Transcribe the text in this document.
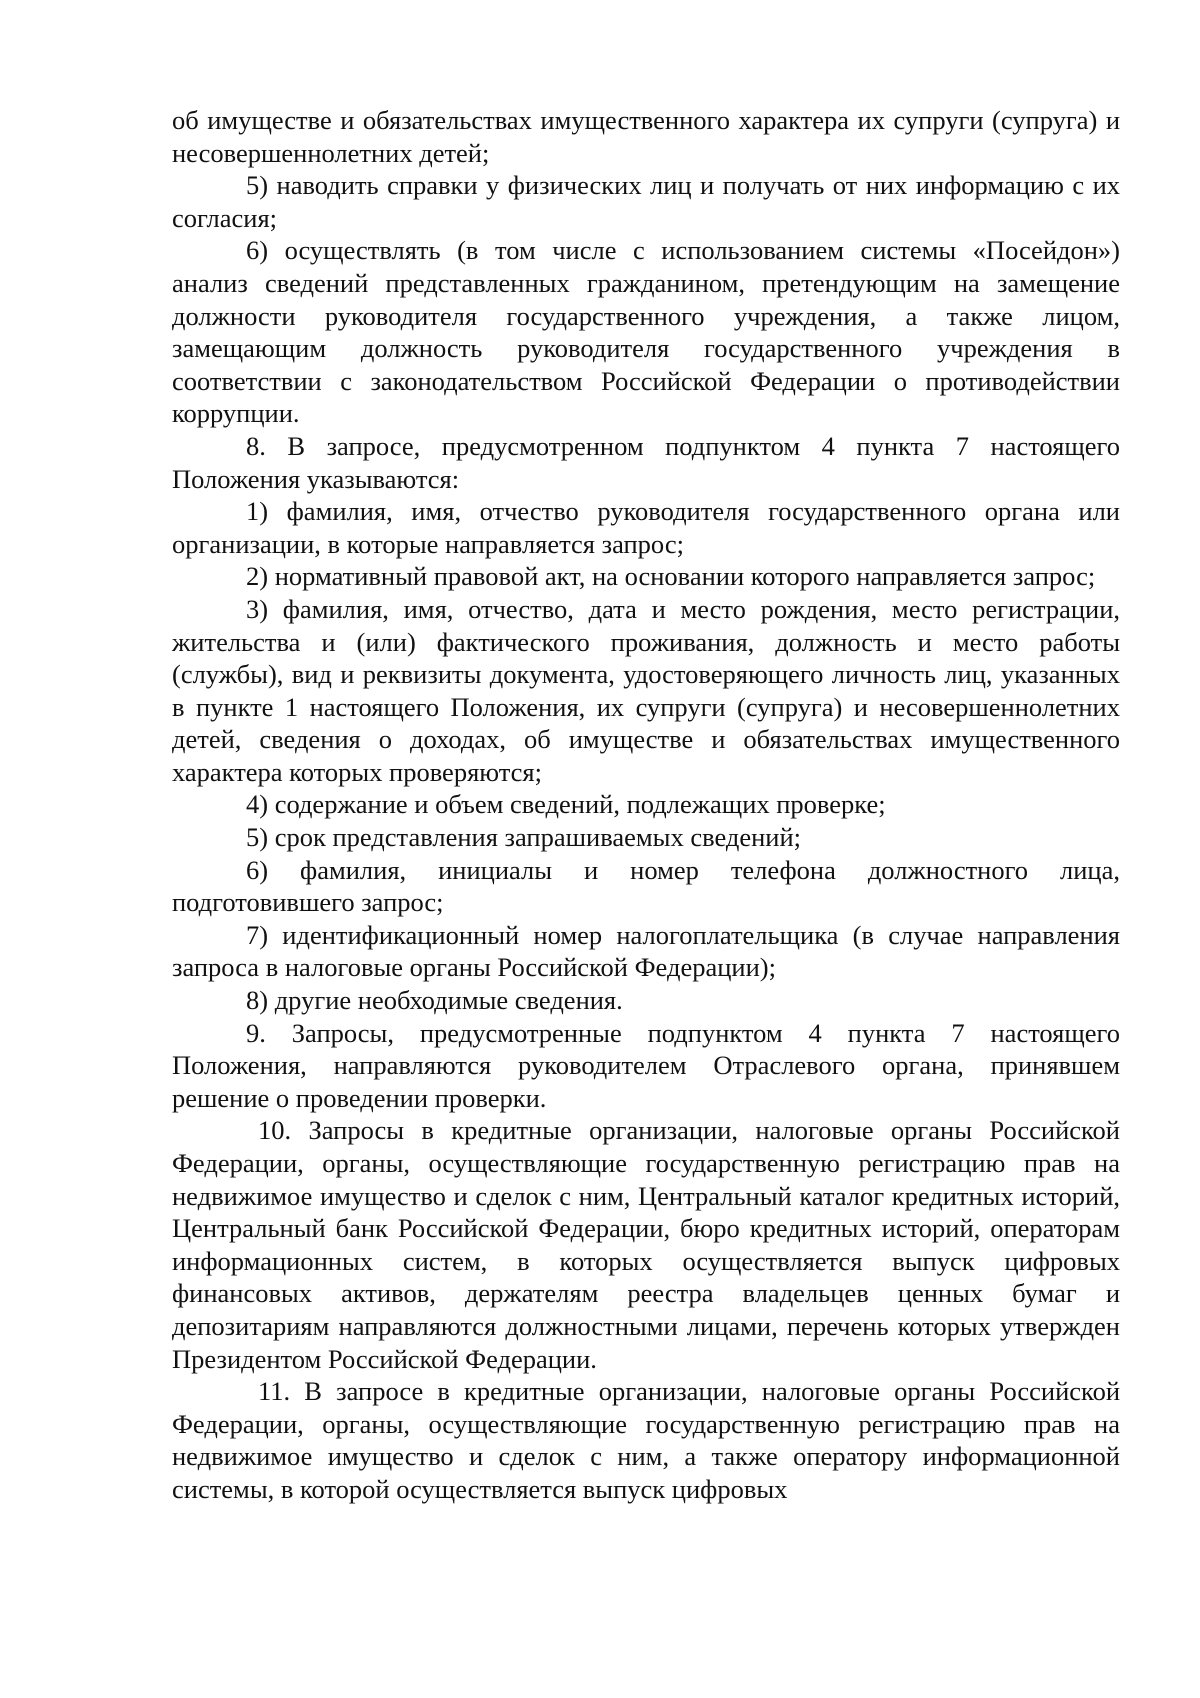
об имуществе и обязательствах имущественного характера их супруги (супруга) и несовершеннолетних детей;

5) наводить справки у физических лиц и получать от них информацию с их согласия;

6) осуществлять (в том числе с использованием системы «Посейдон») анализ сведений представленных гражданином, претендующим на замещение должности руководителя государственного учреждения, а также лицом, замещающим должность руководителя государственного учреждения в соответствии с законодательством Российской Федерации о противодействии коррупции.

8. В запросе, предусмотренном подпунктом 4 пункта 7 настоящего Положения указываются:

1) фамилия, имя, отчество руководителя государственного органа или организации, в которые направляется запрос;

2) нормативный правовой акт, на основании которого направляется запрос;

3) фамилия, имя, отчество, дата и место рождения, место регистрации, жительства и (или) фактического проживания, должность и место работы (службы), вид и реквизиты документа, удостоверяющего личность лиц, указанных в пункте 1 настоящего Положения, их супруги (супруга) и несовершеннолетних детей, сведения о доходах, об имуществе и обязательствах имущественного характера которых проверяются;

4) содержание и объем сведений, подлежащих проверке;

5) срок представления запрашиваемых сведений;

6) фамилия, инициалы и номер телефона должностного лица, подготовившего запрос;

7) идентификационный номер налогоплательщика (в случае направления запроса в налоговые органы Российской Федерации);

8) другие необходимые сведения.

9. Запросы, предусмотренные подпунктом 4 пункта 7 настоящего Положения, направляются руководителем Отраслевого органа, принявшем решение о проведении проверки.

10. Запросы в кредитные организации, налоговые органы Российской Федерации, органы, осуществляющие государственную регистрацию прав на недвижимое имущество и сделок с ним, Центральный каталог кредитных историй, Центральный банк Российской Федерации, бюро кредитных историй, операторам информационных систем, в которых осуществляется выпуск цифровых финансовых активов, держателям реестра владельцев ценных бумаг и депозитариям направляются должностными лицами, перечень которых утвержден Президентом Российской Федерации.

11. В запросе в кредитные организации, налоговые органы Российской Федерации, органы, осуществляющие государственную регистрацию прав на недвижимое имущество и сделок с ним, а также оператору информационной системы, в которой осуществляется выпуск цифровых
